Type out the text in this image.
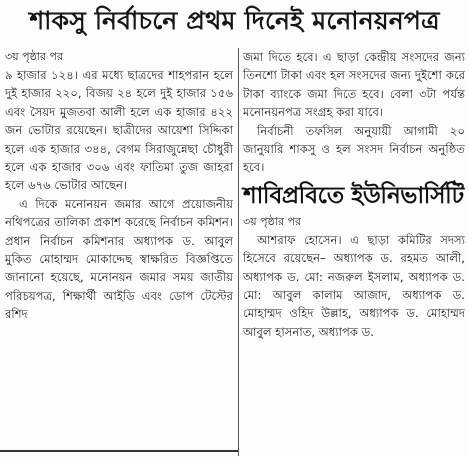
শাকসু নির্বাচনে প্রথম দিনেই মনোনয়নপত্র
৩য় পৃষ্ঠার পর

৯ হাজার ১২৪। এর মধ্যে ছাত্রদের শাহপরান হলে দুই হাজার ২২০, বিজয় ২৪ হলে দুই হাজার ১৫৬ এবং সৈয়দ মুজতবা আলী হলে এক হাজার ৪২২ জন ভোটার রয়েছেন। ছাত্রীদের আয়েশা সিদ্দিকা হলে এক হাজার ৩৪৪, বেগম সিরাজুন্নেছা চৌধুরী হলে এক হাজার ৩০৬ এবং ফাতিমা তুজ জাহরা হলে ৬৭৬ ভোটার আছেন।

এ দিকে মনোনয়ন জমার আগে প্রয়োজনীয় নথিপত্রের তালিকা প্রকাশ করেছে নির্বাচন কমিশন। প্রধান নির্বাচন কমিশনার অধ্যাপক ড. আবুল মুকিত মোহাম্মদ মোকাদ্দেছ স্বাক্ষরিত বিজ্ঞপ্তিতে জানানো হয়েছে, মনোনয়ন জমার সময় জাতীয় পরিচয়পত্র, শিক্ষার্থী আইডি এবং ডোপ টেস্টের রশিদ

জমা দিতে হবে। এ ছাড়া কেন্দ্রীয় সংসদের জন্য তিনশো টাকা এবং হল সংসদের জন্য দুইশো করে টাকা ব্যাংকে জমা দিতে হবে। বেলা ৩টা পর্যন্ত মনোনয়নপত্র সংগ্রহ করা যাবে।

নির্বাচনী তফসিল অনুযায়ী আগামী ২০ জানুয়ারি শাকসু ও হল সংসদ নির্বাচন অনুষ্ঠিত হবে।

শাবিপ্রবিতে ইউনিভার্সিটি
৩য় পৃষ্ঠার পর

আশরাফ হোসেন। এ ছাড়া কমিটির সদস্য হিসেবে রয়েছেন– অধ্যাপক ড. রহমত আলী, অধ্যাপক ড. মো: নজরুল ইসলাম, অধ্যাপক ড. মো: আবুল কালাম আজাদ, অধ্যাপক ড. মোহাম্মদ ওহিদ উল্লাহ, অধ্যাপক ড. মোহাম্মদ আবুল হাসনাত, অধ্যাপক ড.
